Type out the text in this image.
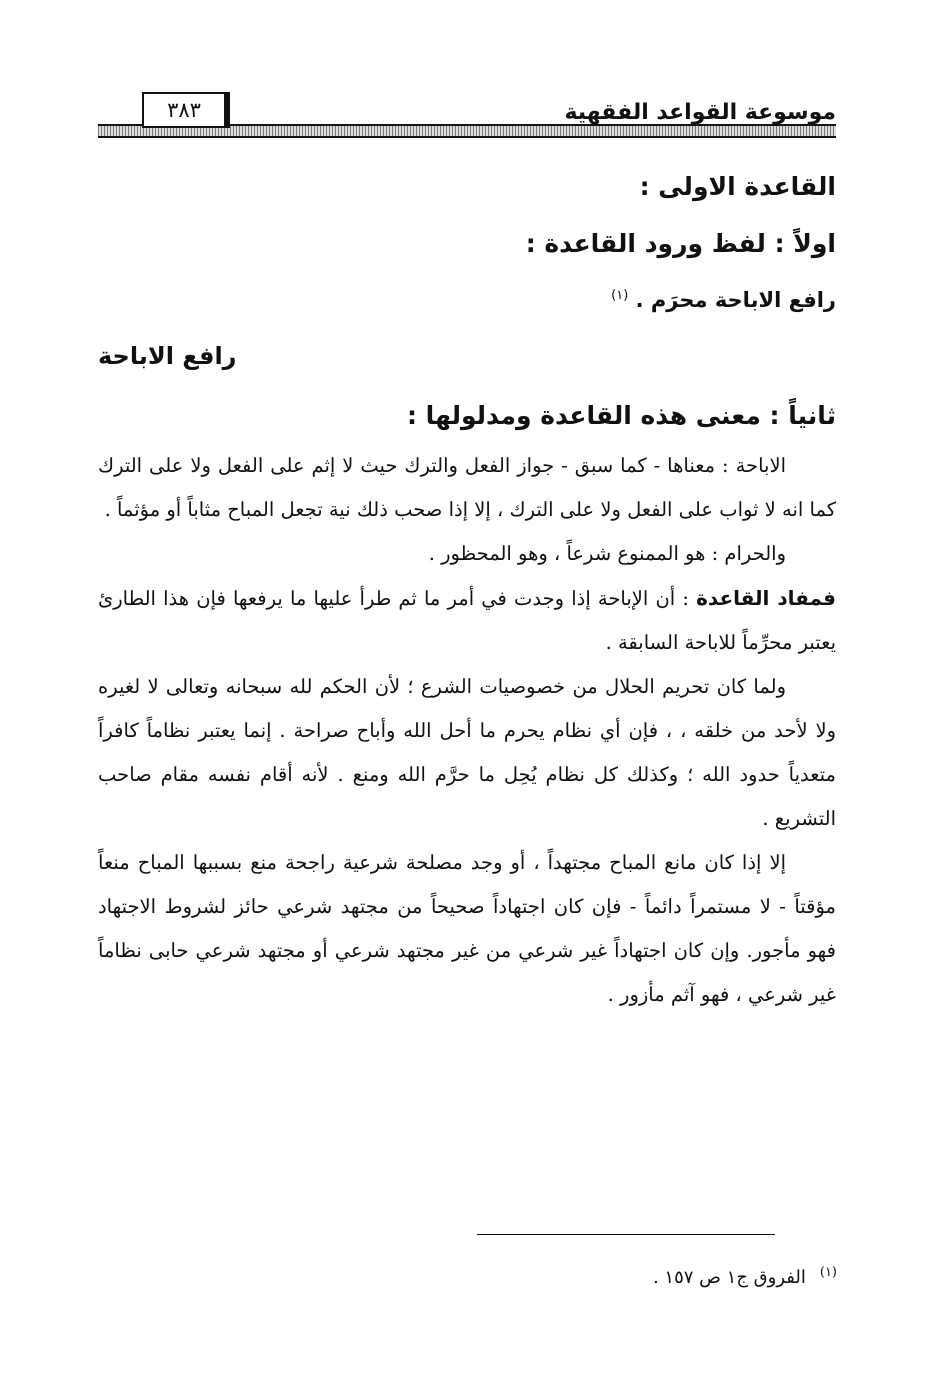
موسوعة القواعد الفقهية
٣٨٣
القاعدة الاولى :
اولاً : لفظ ورود القاعدة :

رافع الاباحة محرَم . $^{(١)}$

رافع الاباحة

ثانياً : معنى هذه القاعدة ومدلولها :

الاباحة : معناها - كما سبق - جواز الفعل والترك حيث لا إثم على الفعل ولا على الترك كما انه لا ثواب على الفعل ولا على الترك ، إلا إذا صحب ذلك نية تجعل المباح مثاباً أو مؤثماً .

والحرام : هو الممنوع شرعاً ، وهو المحظور .

فمفاد القاعدة : أن الإباحة إذا وجدت في أمر ما ثم طرأ عليها ما يرفعها فإن هذا الطارئ يعتبر محرِّماً للاباحة السابقة .

ولما كان تحريم الحلال من خصوصيات الشرع ؛ لأن الحكم لله سبحانه وتعالى لا لغيره ولا لأحد من خلقه ، ، فإن أي نظام يحرم ما أحل الله وأباح صراحة . إنما يعتبر نظاماً كافراً متعدياً حدود الله ؛ وكذلك كل نظام يُحِل ما حرَّم الله ومنع . لأنه أقام نفسه مقام صاحب التشريع .

إلا إذا كان مانع المباح مجتهداً ، أو وجد مصلحة شرعية راجحة منع بسببها المباح منعاً مؤقتاً - لا مستمراً دائماً - فإن كان اجتهاداً صحيحاً من مجتهد شرعي حائز لشروط الاجتهاد فهو مأجور. وإن كان اجتهاداً غير شرعي من غير مجتهد شرعي أو مجتهد شرعي حابى نظاماً غير شرعي ، فهو آثم مأزور .

$^{(١)}$الفروق ج١ ص ١٥٧ .
